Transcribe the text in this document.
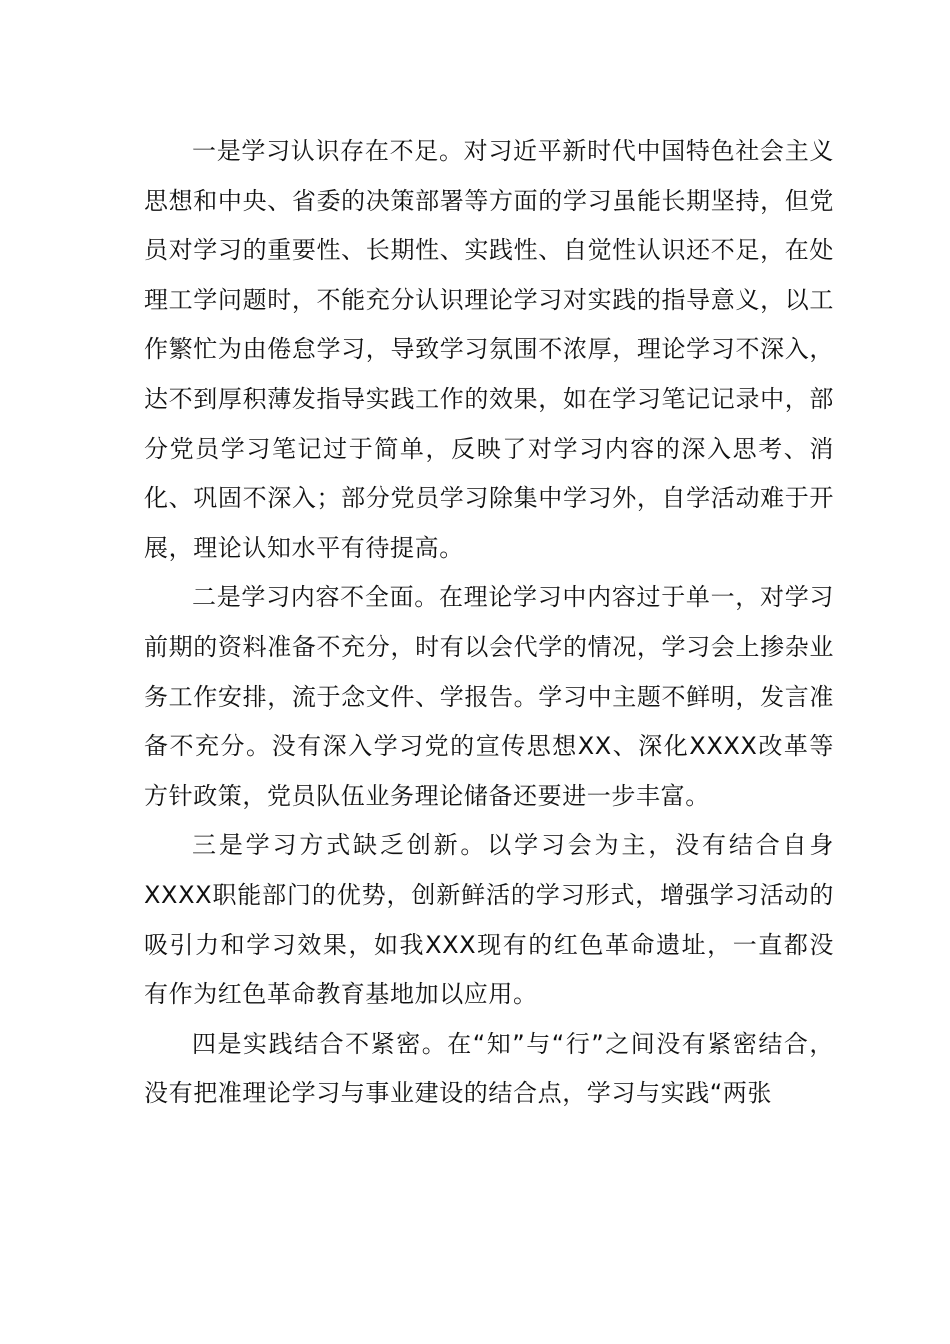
一是学习认识存在不足。对习近平新时代中国特色社会主义思想和中央、省委的决策部署等方面的学习虽能长期坚持，但党员对学习的重要性、长期性、实践性、自觉性认识还不足，在处理工学问题时，不能充分认识理论学习对实践的指导意义，以工作繁忙为由倦怠学习，导致学习氛围不浓厚，理论学习不深入，达不到厚积薄发指导实践工作的效果，如在学习笔记记录中，部分党员学习笔记过于简单，反映了对学习内容的深入思考、消化、巩固不深入；部分党员学习除集中学习外，自学活动难于开展，理论认知水平有待提高。

二是学习内容不全面。在理论学习中内容过于单一，对学习前期的资料准备不充分，时有以会代学的情况，学习会上掺杂业务工作安排，流于念文件、学报告。学习中主题不鲜明，发言准备不充分。没有深入学习党的宣传思想XX、深化XXXX改革等方针政策，党员队伍业务理论储备还要进一步丰富。

三是学习方式缺乏创新。以学习会为主，没有结合自身XXXX职能部门的优势，创新鲜活的学习形式，增强学习活动的吸引力和学习效果，如我XXX现有的红色革命遗址，一直都没有作为红色革命教育基地加以应用。

四是实践结合不紧密。在“知”与“行”之间没有紧密结合，没有把准理论学习与事业建设的结合点，学习与实践“两张
